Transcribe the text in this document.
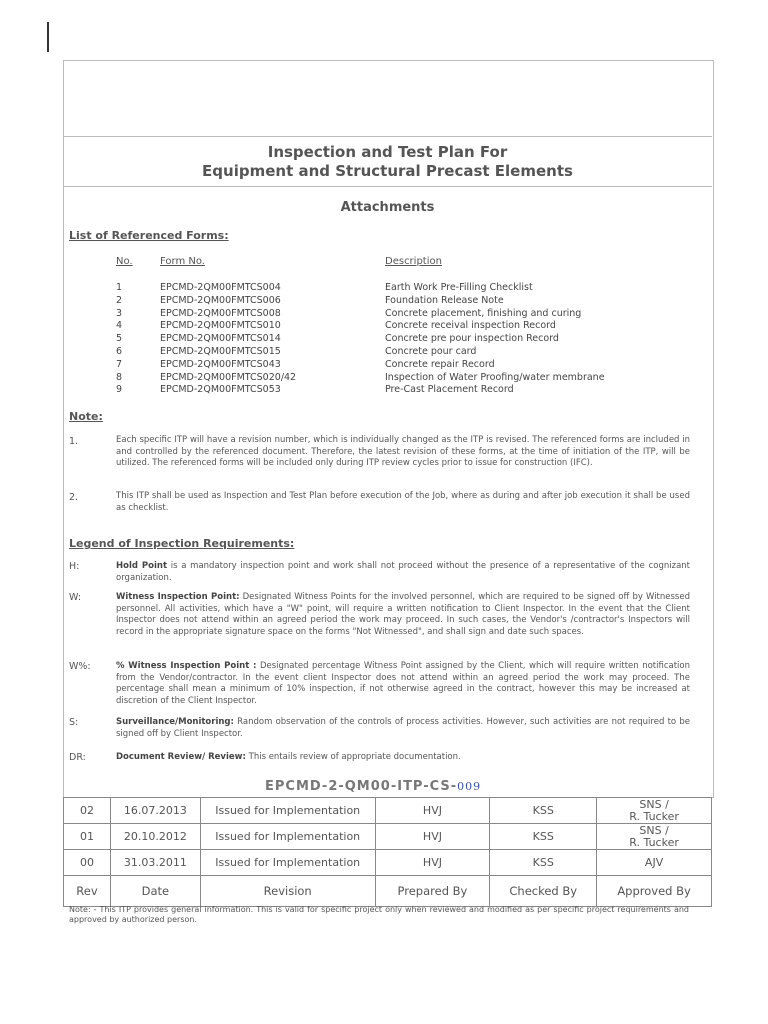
Inspection and Test Plan For
Equipment and Structural Precast Elements
Attachments
List of Referenced Forms:
No.	Form No.	Description
1	EPCMD-2QM00FMTCS004	Earth Work Pre-Filling Checklist
2	EPCMD-2QM00FMTCS006	Foundation Release Note
3	EPCMD-2QM00FMTCS008	Concrete placement, finishing and curing
4	EPCMD-2QM00FMTCS010	Concrete receival inspection Record
5	EPCMD-2QM00FMTCS014	Concrete pre pour inspection Record
6	EPCMD-2QM00FMTCS015	Concrete pour card
7	EPCMD-2QM00FMTCS043	Concrete repair Record
8	EPCMD-2QM00FMTCS020/42	Inspection of Water Proofing/water membrane
9	EPCMD-2QM00FMTCS053	Pre-Cast Placement Record
Note:
1.	Each specific ITP will have a revision number, which is individually changed as the ITP is revised. The referenced forms are included in and controlled by the referenced document. Therefore, the latest revision of these forms, at the time of initiation of the ITP, will be utilized. The referenced forms will be included only during ITP review cycles prior to issue for construction (IFC).
2.	This ITP shall be used as Inspection and Test Plan before execution of the Job, where as during and after job execution it shall be used as checklist.
Legend of Inspection Requirements:
H:	Hold Point is a mandatory inspection point and work shall not proceed without the presence of a representative of the cognizant organization.
W:	Witness Inspection Point: Designated Witness Points for the involved personnel, which are required to be signed off by Witnessed personnel. All activities, which have a "W" point, will require a written notification to Client Inspector. In the event that the Client Inspector does not attend within an agreed period the work may proceed. In such cases, the Vendor's /contractor's Inspectors will record in the appropriate signature space on the forms "Not Witnessed", and shall sign and date such spaces.
W%:	% Witness Inspection Point : Designated percentage Witness Point assigned by the Client, which will require written notification from the Vendor/contractor. In the event client Inspector does not attend within an agreed period the work may proceed. The percentage shall mean a minimum of 10% inspection, if not otherwise agreed in the contract, however this may be increased at discretion of the Client Inspector.
S:	Surveillance/Monitoring: Random observation of the controls of process activities. However, such activities are not required to be signed off by Client Inspector.
DR:	Document Review/ Review: This entails review of appropriate documentation.
EPCMD-2-QM00-ITP-CS-009
02	16.07.2013	Issued for Implementation	HVJ	KSS	SNS /
R. Tucker

01	20.10.2012	Issued for Implementation	HVJ	KSS	SNS /
R. Tucker

00	31.03.2011	Issued for Implementation	HVJ	KSS	AJV

Rev	Date	Revision	Prepared By	Checked By	Approved By
Note: - This ITP provides general information. This is valid for specific project only when reviewed and modified as per specific project requirements and approved by authorized person.
